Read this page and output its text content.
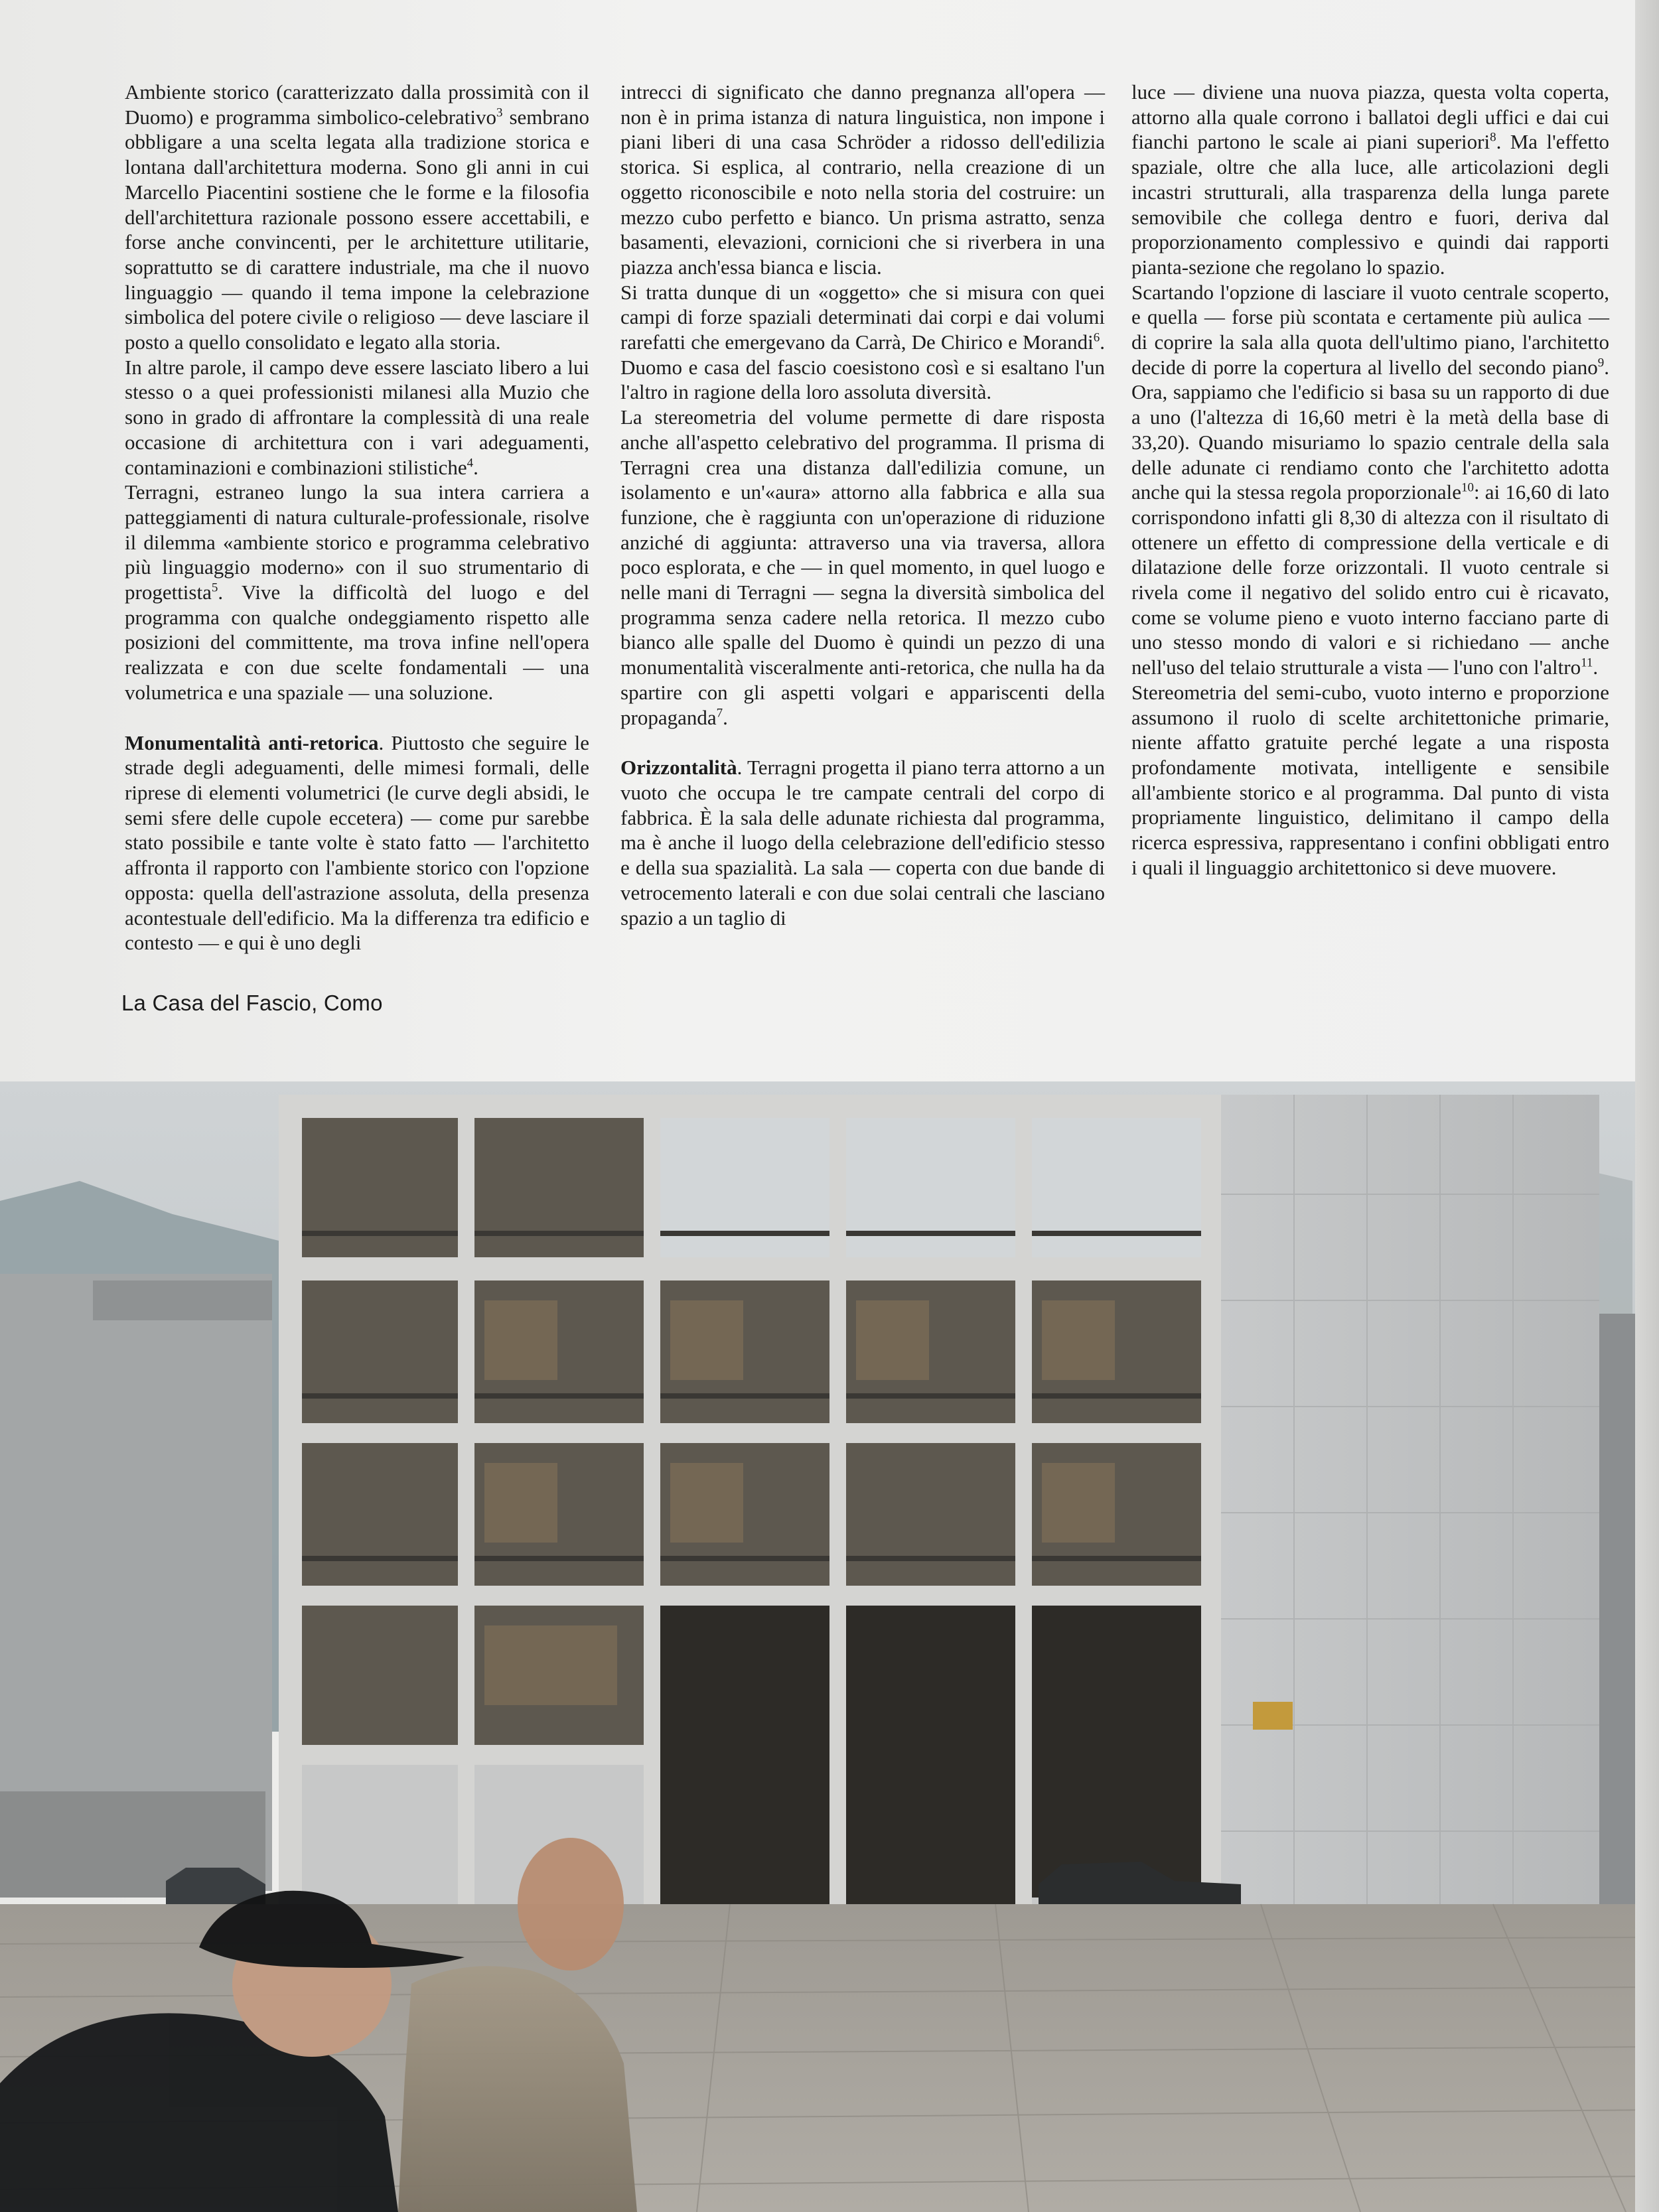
Ambiente storico (caratterizzato dalla prossimità con il Duomo) e programma simbolico-celebrativo$^3$ sembrano obbligare a una scelta legata alla tradizione storica e lontana dall'architettura moderna. Sono gli anni in cui Marcello Piacentini sostiene che le forme e la filosofia dell'architettura razionale possono essere accettabili, e forse anche convincenti, per le architetture utilitarie, soprattutto se di carattere industriale, ma che il nuovo linguaggio — quando il tema impone la celebrazione simbolica del potere civile o religioso — deve lasciare il posto a quello consolidato e legato alla storia.

In altre parole, il campo deve essere lasciato libero a lui stesso o a quei professionisti milanesi alla Muzio che sono in grado di affrontare la complessità di una reale occasione di architettura con i vari adeguamenti, contaminazioni e combinazioni stilistiche$^4$.

Terragni, estraneo lungo la sua intera carriera a patteggiamenti di natura culturale-professionale, risolve il dilemma «ambiente storico e programma celebrativo più linguaggio moderno» con il suo strumentario di progettista$^5$. Vive la difficoltà del luogo e del programma con qualche ondeggiamento rispetto alle posizioni del committente, ma trova infine nell'opera realizzata e con due scelte fondamentali — una volumetrica e una spaziale — una soluzione.

Monumentalità anti-retorica. Piuttosto che seguire le strade degli adeguamenti, delle mimesi formali, delle riprese di elementi volumetrici (le curve degli absidi, le semi sfere delle cupole eccetera) — come pur sarebbe stato possibile e tante volte è stato fatto — l'architetto affronta il rapporto con l'ambiente storico con l'opzione opposta: quella dell'astrazione assoluta, della presenza acontestuale dell'edificio. Ma la differenza tra edificio e contesto — e qui è uno degli

intrecci di significato che danno pregnanza all'opera — non è in prima istanza di natura linguistica, non impone i piani liberi di una casa Schröder a ridosso dell'edilizia storica. Si esplica, al contrario, nella creazione di un oggetto riconoscibile e noto nella storia del costruire: un mezzo cubo perfetto e bianco. Un prisma astratto, senza basamenti, elevazioni, cornicioni che si riverbera in una piazza anch'essa bianca e liscia.

Si tratta dunque di un «oggetto» che si misura con quei campi di forze spaziali determinati dai corpi e dai volumi rarefatti che emergevano da Carrà, De Chirico e Morandi$^6$. Duomo e casa del fascio coesistono così e si esaltano l'un l'altro in ragione della loro assoluta diversità.

La stereometria del volume permette di dare risposta anche all'aspetto celebrativo del programma. Il prisma di Terragni crea una distanza dall'edilizia comune, un isolamento e un'«aura» attorno alla fabbrica e alla sua funzione, che è raggiunta con un'operazione di riduzione anziché di aggiunta: attraverso una via traversa, allora poco esplorata, e che — in quel momento, in quel luogo e nelle mani di Terragni — segna la diversità simbolica del programma senza cadere nella retorica. Il mezzo cubo bianco alle spalle del Duomo è quindi un pezzo di una monumentalità visceralmente anti-retorica, che nulla ha da spartire con gli aspetti volgari e appariscenti della propaganda$^7$.

Orizzontalità. Terragni progetta il piano terra attorno a un vuoto che occupa le tre campate centrali del corpo di fabbrica. È la sala delle adunate richiesta dal programma, ma è anche il luogo della celebrazione dell'edificio stesso e della sua spazialità. La sala — coperta con due bande di vetrocemento laterali e con due solai centrali che lasciano spazio a un taglio di

luce — diviene una nuova piazza, questa volta coperta, attorno alla quale corrono i ballatoi degli uffici e dai cui fianchi partono le scale ai piani superiori$^8$. Ma l'effetto spaziale, oltre che alla luce, alle articolazioni degli incastri strutturali, alla trasparenza della lunga parete semovibile che collega dentro e fuori, deriva dal proporzionamento complessivo e quindi dai rapporti pianta-sezione che regolano lo spazio.

Scartando l'opzione di lasciare il vuoto centrale scoperto, e quella — forse più scontata e certamente più aulica — di coprire la sala alla quota dell'ultimo piano, l'architetto decide di porre la copertura al livello del secondo piano$^9$. Ora, sappiamo che l'edificio si basa su un rapporto di due a uno (l'altezza di 16,60 metri è la metà della base di 33,20). Quando misuriamo lo spazio centrale della sala delle adunate ci rendiamo conto che l'architetto adotta anche qui la stessa regola proporzionale$^{10}$: ai 16,60 di lato corrispondono infatti gli 8,30 di altezza con il risultato di ottenere un effetto di compressione della verticale e di dilatazione delle forze orizzontali. Il vuoto centrale si rivela come il negativo del solido entro cui è ricavato, come se volume pieno e vuoto interno facciano parte di uno stesso mondo di valori e si richiedano — anche nell'uso del telaio strutturale a vista — l'uno con l'altro$^{11}$.

Stereometria del semi-cubo, vuoto interno e proporzione assumono il ruolo di scelte architettoniche primarie, niente affatto gratuite perché legate a una risposta profondamente motivata, intelligente e sensibile all'ambiente storico e al programma. Dal punto di vista propriamente linguistico, delimitano il campo della ricerca espressiva, rappresentano i confini obbligati entro i quali il linguaggio architettonico si deve muovere.

La Casa del Fascio, Como
